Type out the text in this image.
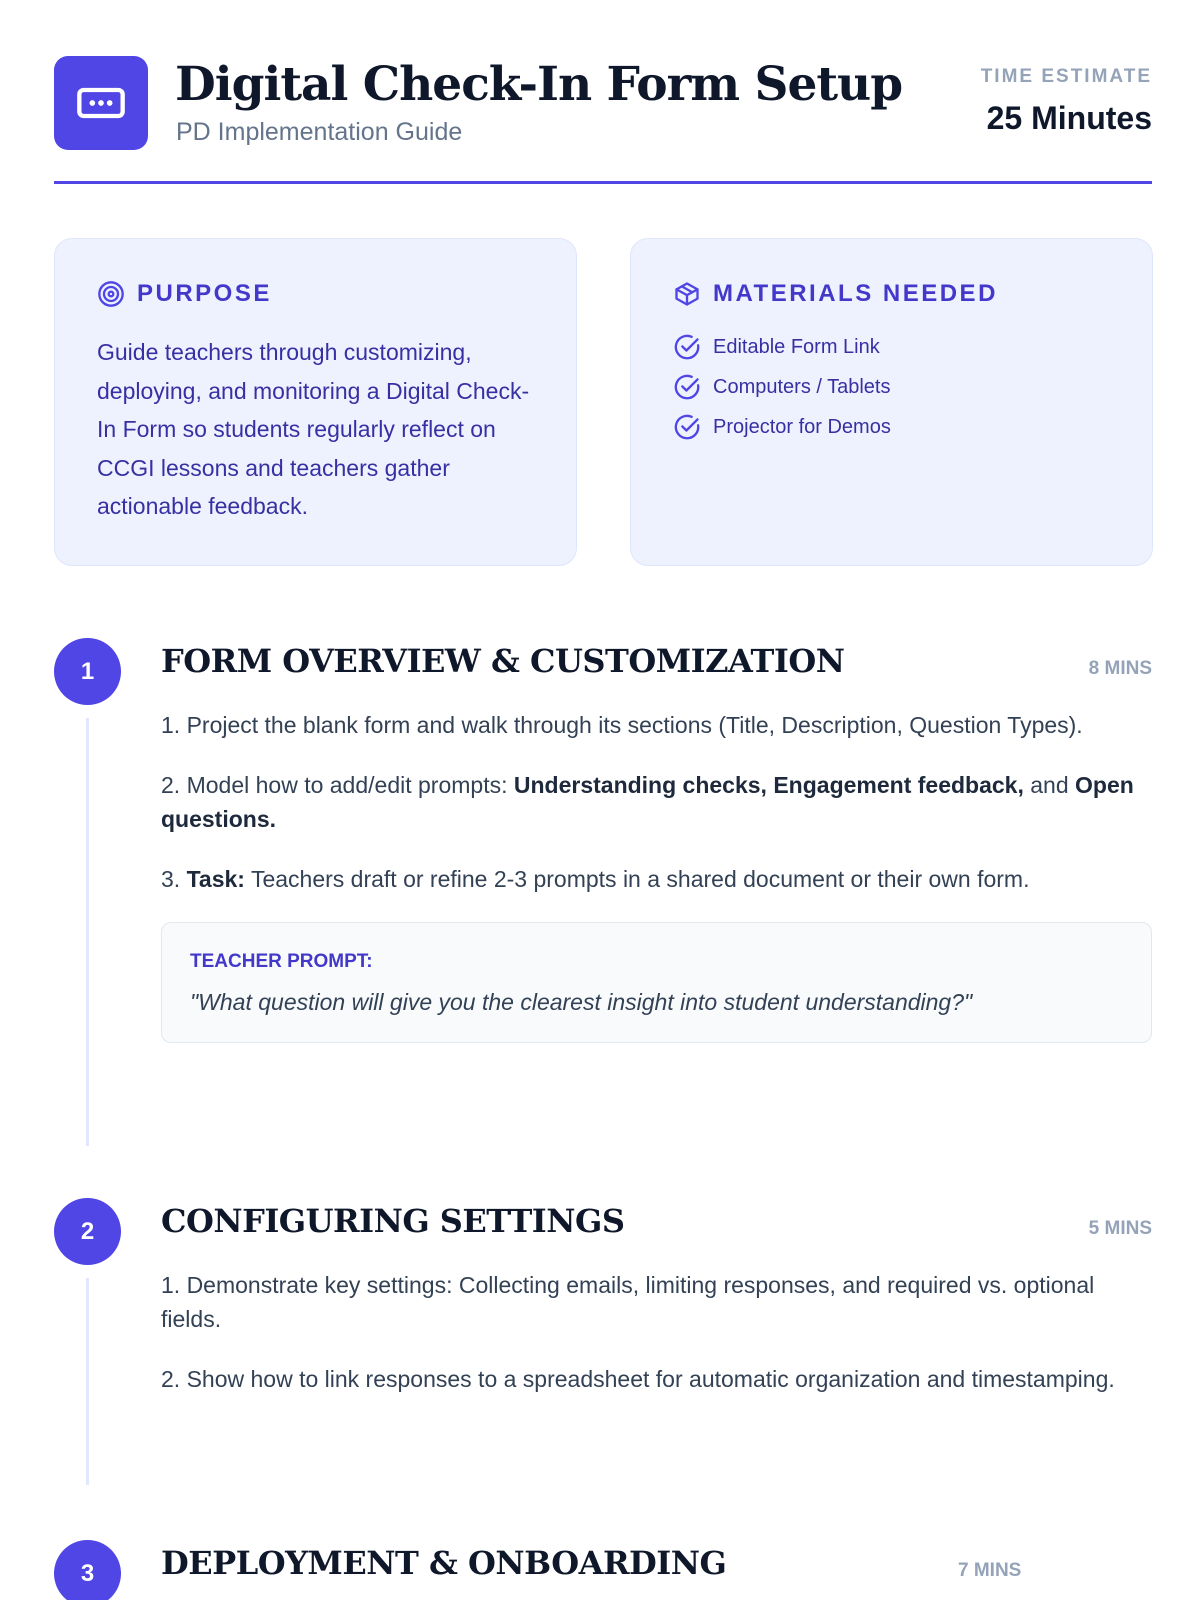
Digital Check-In Form Setup
PD Implementation Guide
TIME ESTIMATE
25 Minutes
PURPOSE

Guide teachers through customizing, deploying, and monitoring a Digital Check-In Form so students regularly reflect on CCGI lessons and teachers gather actionable feedback.

MATERIALS NEEDED
Editable Form Link
Computers / Tablets
Projector for Demos
1	FORM OVERVIEW & CUSTOMIZATION	8 MINS

1. Project the blank form and walk through its sections (Title, Description, Question Types).

2. Model how to add/edit prompts: Understanding checks, Engagement feedback, and Open questions.

3. Task: Teachers draft or refine 2-3 prompts in a shared document or their own form.

TEACHER PROMPT:
"What question will give you the clearest insight into student understanding?"
2	CONFIGURING SETTINGS	5 MINS

1. Demonstrate key settings: Collecting emails, limiting responses, and required vs. optional fields.

2. Show how to link responses to a spreadsheet for automatic organization and timestamping.

3	DEPLOYMENT & ONBOARDING	7 MINS
